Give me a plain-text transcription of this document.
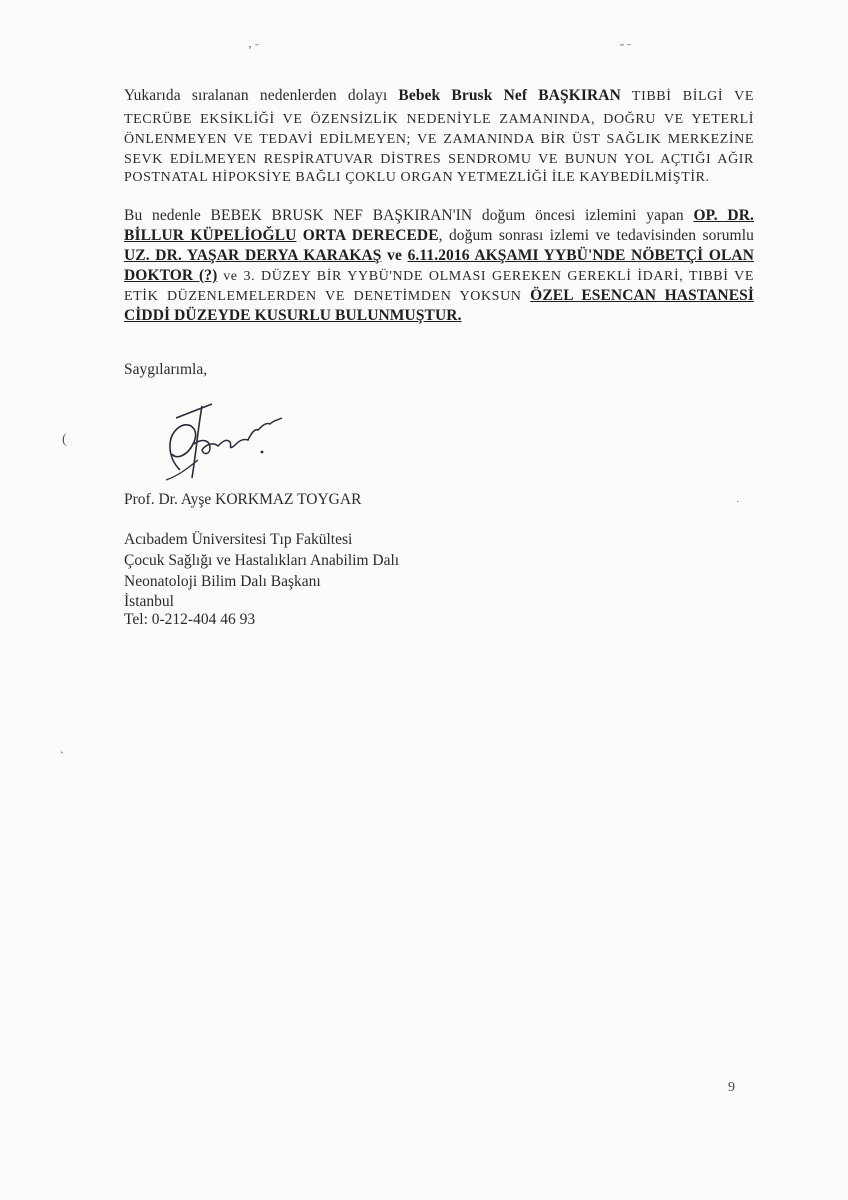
‚ ˗	˶ ˗
Yukarıda sıralanan nedenlerden dolayı Bebek Brusk Nef BAŞKIRAN TIBBİ BİLGİ VE
TECRÜBE EKSİKLİĞİ VE ÖZENSİZLİK NEDENİYLE ZAMANINDA, DOĞRU VE YETERLİ
ÖNLENMEYEN VE TEDAVİ EDİLMEYEN; VE ZAMANINDA BİR ÜST SAĞLIK MERKEZİNE
SEVK EDİLMEYEN RESPİRATUVAR DİSTRES SENDROMU VE BUNUN YOL AÇTIĞI AĞIR
POSTNATAL HİPOKSİYE BAĞLI ÇOKLU ORGAN YETMEZLİĞİ İLE KAYBEDİLMİŞTİR.
Bu nedenle BEBEK BRUSK NEF BAŞKIRAN'IN doğum öncesi izlemini yapan OP. DR.
BİLLUR KÜPELİOĞLU ORTA DERECEDE, doğum sonrası izlemi ve tedavisinden sorumlu
UZ. DR. YAŞAR DERYA KARAKAŞ ve 6.11.2016 AKŞAMI YYBÜ'NDE NÖBETÇİ OLAN
DOKTOR (?) ve 3. DÜZEY BİR YYBÜ'NDE OLMASI GEREKEN GEREKLİ İDARİ, TIBBİ VE
ETİK DÜZENLEMELERDEN VE DENETİMDEN YOKSUN ÖZEL ESENCAN HASTANESİ
CİDDİ DÜZEYDE KUSURLU BULUNMUŞTUR.
Saygılarımla,
Prof. Dr. Ayşe KORKMAZ TOYGAR
Acıbadem Üniversitesi Tıp Fakültesi
Çocuk Sağlığı ve Hastalıkları Anabilim Dalı
Neonatoloji Bilim Dalı Başkanı
İstanbul
Tel: 0-212-404 46 93
(
ˎ
˙
9
